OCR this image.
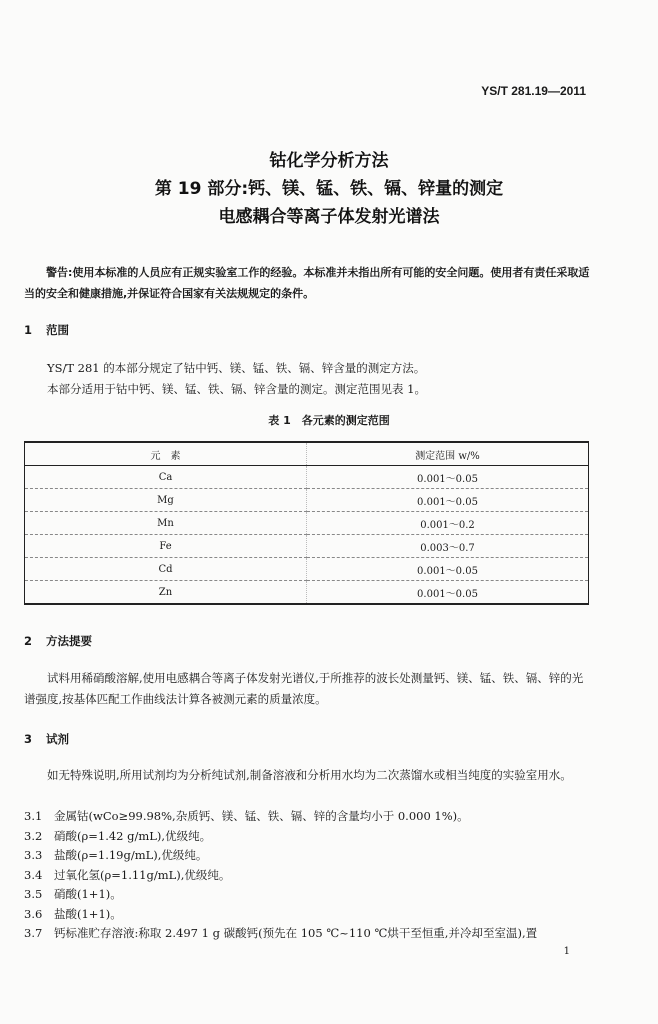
YS/T 281.19—2011
钴化学分析方法
第 19 部分:钙、镁、锰、铁、镉、锌量的测定
电感耦合等离子体发射光谱法
警告:使用本标准的人员应有正规实验室工作的经验。本标准并未指出所有可能的安全问题。使用者有责任采取适当的安全和健康措施,并保证符合国家有关法规规定的条件。
1 范围
YS/T 281 的本部分规定了钴中钙、镁、锰、铁、镉、锌含量的测定方法。
本部分适用于钴中钙、镁、锰、铁、镉、锌含量的测定。测定范围见表 1。
表 1　各元素的测定范围
元　素	测定范围 w/%
Ca	0.001～0.05
Mg	0.001～0.05
Mn	0.001～0.2
Fe	0.003～0.7
Cd	0.001～0.05
Zn	0.001～0.05
2 方法提要
试料用稀硝酸溶解,使用电感耦合等离子体发射光谱仪,于所推荐的波长处测量钙、镁、锰、铁、镉、锌的光谱强度,按基体匹配工作曲线法计算各被测元素的质量浓度。
3 试剂
如无特殊说明,所用试剂均为分析纯试剂,制备溶液和分析用水均为二次蒸馏水或相当纯度的实验室用水。
3.1 金属钴(wCo≥99.98%,杂质钙、镁、锰、铁、镉、锌的含量均小于 0.000 1%)。
3.2 硝酸(ρ=1.42 g/mL),优级纯。
3.3 盐酸(ρ=1.19g/mL),优级纯。
3.4 过氧化氢(ρ=1.11g/mL),优级纯。
3.5 硝酸(1+1)。
3.6 盐酸(1+1)。
3.7 钙标准贮存溶液:称取 2.497 1 g 碳酸钙(预先在 105 ℃~110 ℃烘干至恒重,并冷却至室温),置
1
